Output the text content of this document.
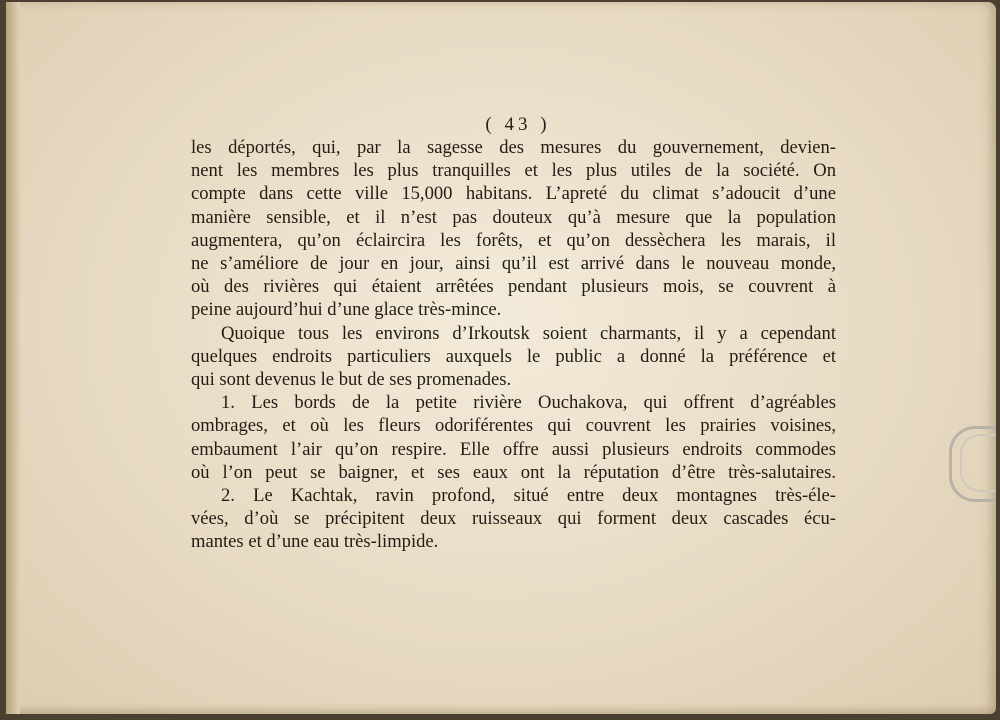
( 43 )
les déportés, qui, par la sagesse des mesures du gouvernement, devien-
nent les membres les plus tranquilles et les plus utiles de la société. On
compte dans cette ville 15,000 habitans. L’apreté du climat s’adoucit d’une
manière sensible, et il n’est pas douteux qu’à mesure que la population
augmentera, qu’on éclaircira les forêts, et qu’on dessèchera les marais, il
ne s’améliore de jour en jour, ainsi qu’il est arrivé dans le nouveau monde,
où des rivières qui étaient arrêtées pendant plusieurs mois, se couvrent à
peine aujourd’hui d’une glace très-mince.
Quoique tous les environs d’Irkoutsk soient charmants, il y a cependant
quelques endroits particuliers auxquels le public a donné la préférence et
qui sont devenus le but de ses promenades.
1. Les bords de la petite rivière Ouchakova, qui offrent d’agréables
ombrages, et où les fleurs odoriférentes qui couvrent les prairies voisines,
embaument l’air qu’on respire. Elle offre aussi plusieurs endroits commodes
où l’on peut se baigner, et ses eaux ont la réputation d’être très-salutaires.
2. Le Kachtak, ravin profond, situé entre deux montagnes très-éle-
vées, d’où se précipitent deux ruisseaux qui forment deux cascades écu-
mantes et d’une eau très-limpide.
